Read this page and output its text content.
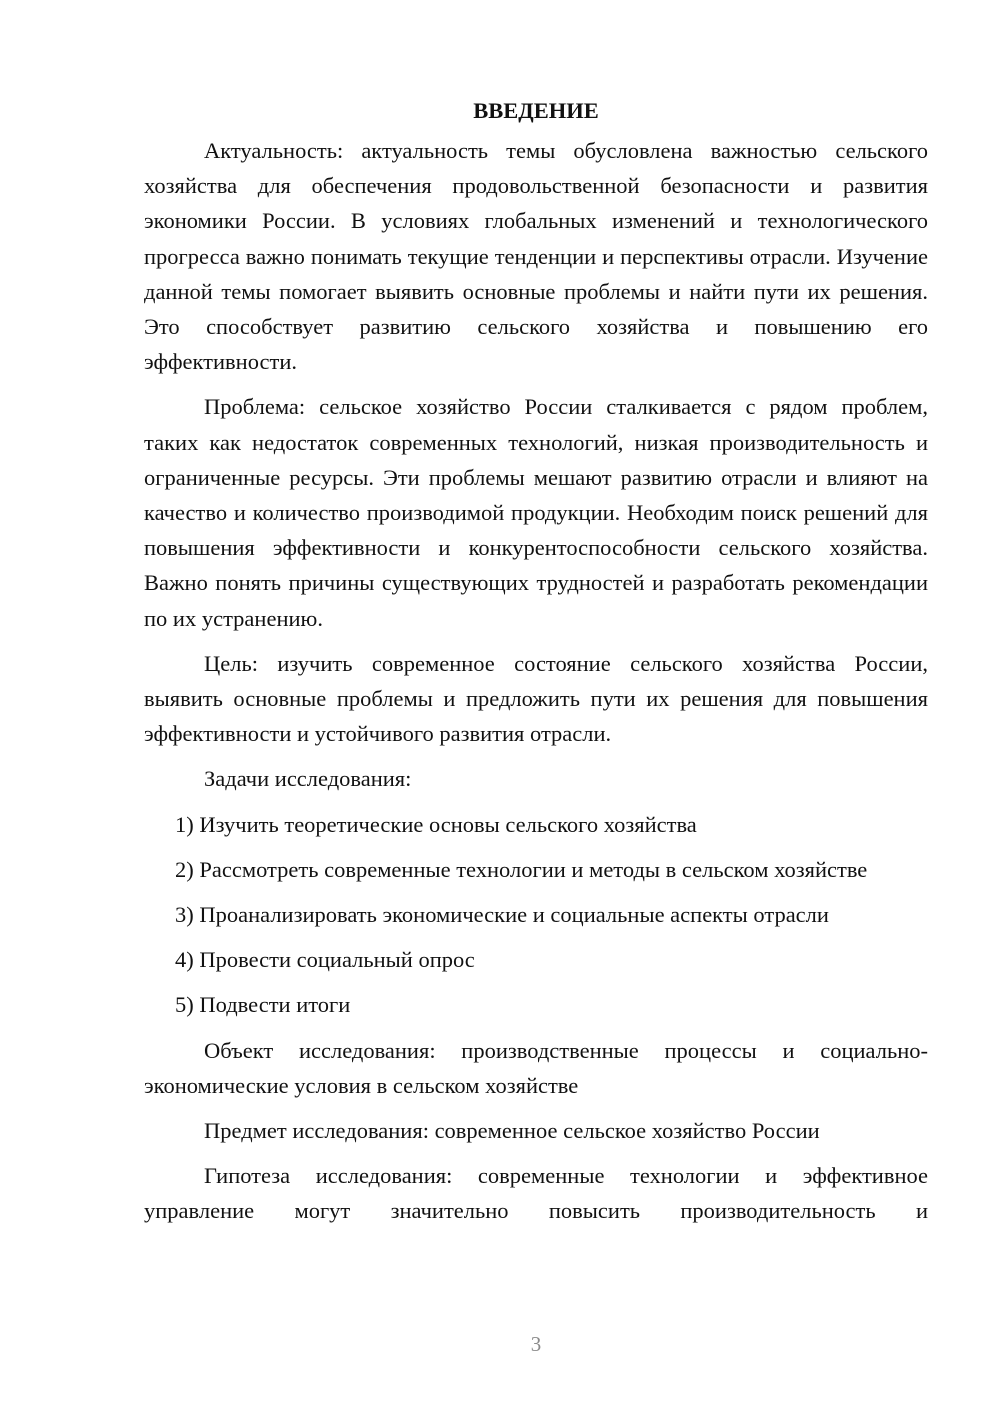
ВВЕДЕНИЕ

Актуальность: актуальность темы обусловлена важностью сельского хозяйства для обеспечения продовольственной безопасности и развития экономики России. В условиях глобальных изменений и технологического прогресса важно понимать текущие тенденции и перспективы отрасли. Изучение данной темы помогает выявить основные проблемы и найти пути их решения. Это способствует развитию сельского хозяйства и повышению его эффективности.

Проблема: сельское хозяйство России сталкивается с рядом проблем, таких как недостаток современных технологий, низкая производительность и ограниченные ресурсы. Эти проблемы мешают развитию отрасли и влияют на качество и количество производимой продукции. Необходим поиск решений для повышения эффективности и конкурентоспособности сельского хозяйства. Важно понять причины существующих трудностей и разработать рекомендации по их устранению.

Цель: изучить современное состояние сельского хозяйства России, выявить основные проблемы и предложить пути их решения для повышения эффективности и устойчивого развития отрасли.

Задачи исследования:

1) Изучить теоретические основы сельского хозяйства

2) Рассмотреть современные технологии и методы в сельском хозяйстве

3) Проанализировать экономические и социальные аспекты отрасли

4) Провести социальный опрос

5) Подвести итоги

Объект исследования: производственные процессы и социально-экономические условия в сельском хозяйстве

Предмет исследования: современное сельское хозяйство России

Гипотеза исследования: современные технологии и эффективное управление могут значительно повысить производительность и

3
